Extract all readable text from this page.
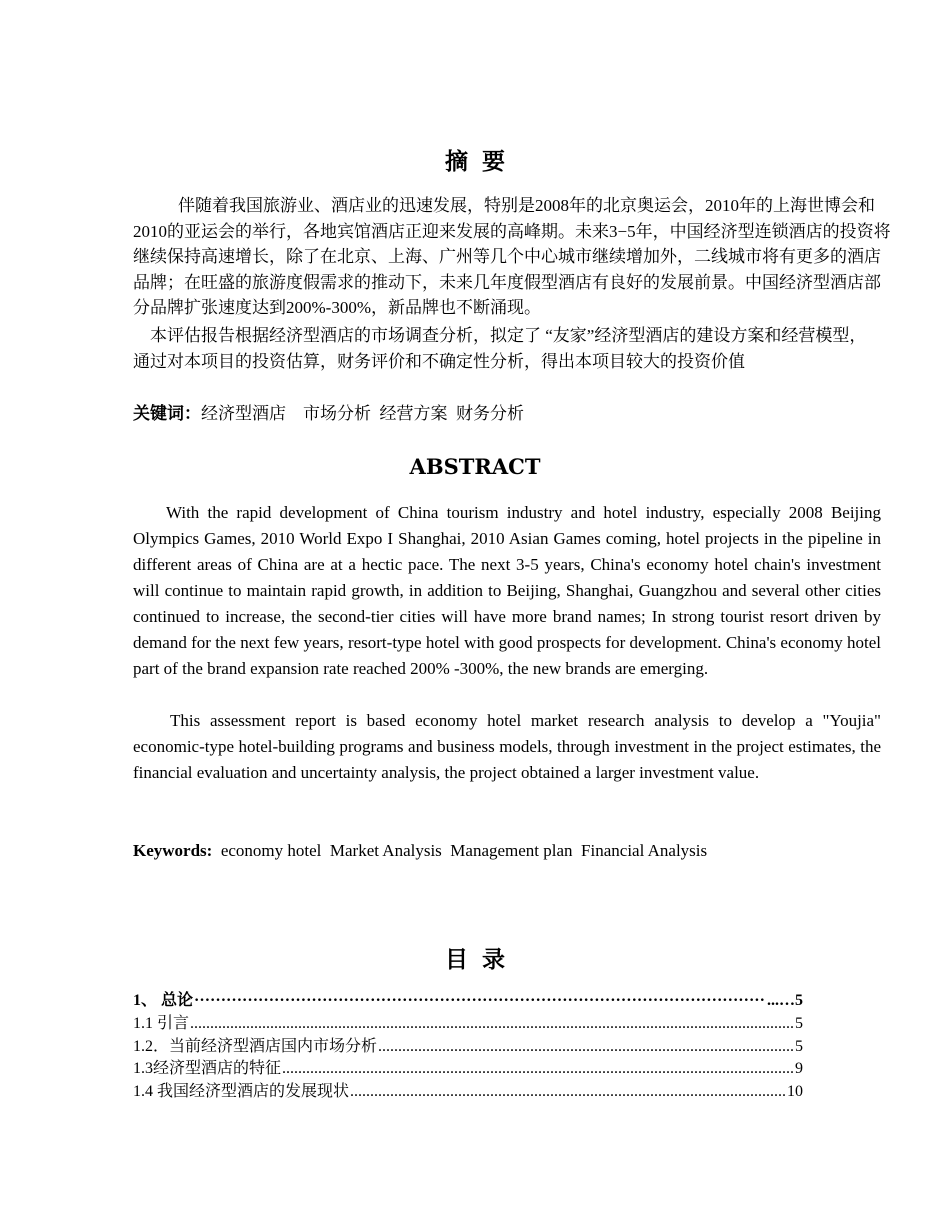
摘要

伴随着我国旅游业、酒店业的迅速发展，特别是2008年的北京奥运会，2010年的上海世博会和2010的亚运会的举行，各地宾馆酒店正迎来发展的高峰期。未来3−5年，中国经济型连锁酒店的投资将继续保持高速增长，除了在北京、上海、广州等几个中心城市继续增加外，二线城市将有更多的酒店品牌；在旺盛的旅游度假需求的推动下，未来几年度假型酒店有良好的发展前景。中国经济型酒店部分品牌扩张速度达到200%-300%，新品牌也不断涌现。

本评估报告根据经济型酒店的市场调查分析，拟定了 “友家”经济型酒店的建设方案和经营模型，通过对本项目的投资估算，财务评价和不确定性分析，得出本项目较大的投资价值

关键词：经济型酒店    市场分析  经营方案  财务分析
ABSTRACT
With the rapid development of China tourism industry and hotel industry, especially 2008 Beijing Olympics Games, 2010 World Expo I Shanghai, 2010 Asian Games coming, hotel projects in the pipeline in different areas of China are at a hectic pace. The next 3-5 years, China's economy hotel chain's investment will continue to maintain rapid growth, in addition to Beijing, Shanghai, Guangzhou and several other cities continued to increase, the second-tier cities will have more brand names; In strong tourist resort driven by demand for the next few years, resort-type hotel with good prospects for development. China's economy hotel part of the brand expansion rate reached 200% -300%, the new brands are emerging.
This assessment report is based economy hotel market research analysis to develop a "Youjia" economic-type hotel-building programs and business models, through investment in the project estimates, the financial evaluation and uncertainty analysis, the project obtained a larger investment value.
Keywords:  economy hotel  Market Analysis  Management plan  Financial Analysis
目录
1、 总论 ·····	...…5
1.1 引言 .....	5
1.2．当前经济型酒店国内市场分析 .....	5
1.3经济型酒店的特征 .....	9
1.4 我国经济型酒店的发展现状 .....	10
